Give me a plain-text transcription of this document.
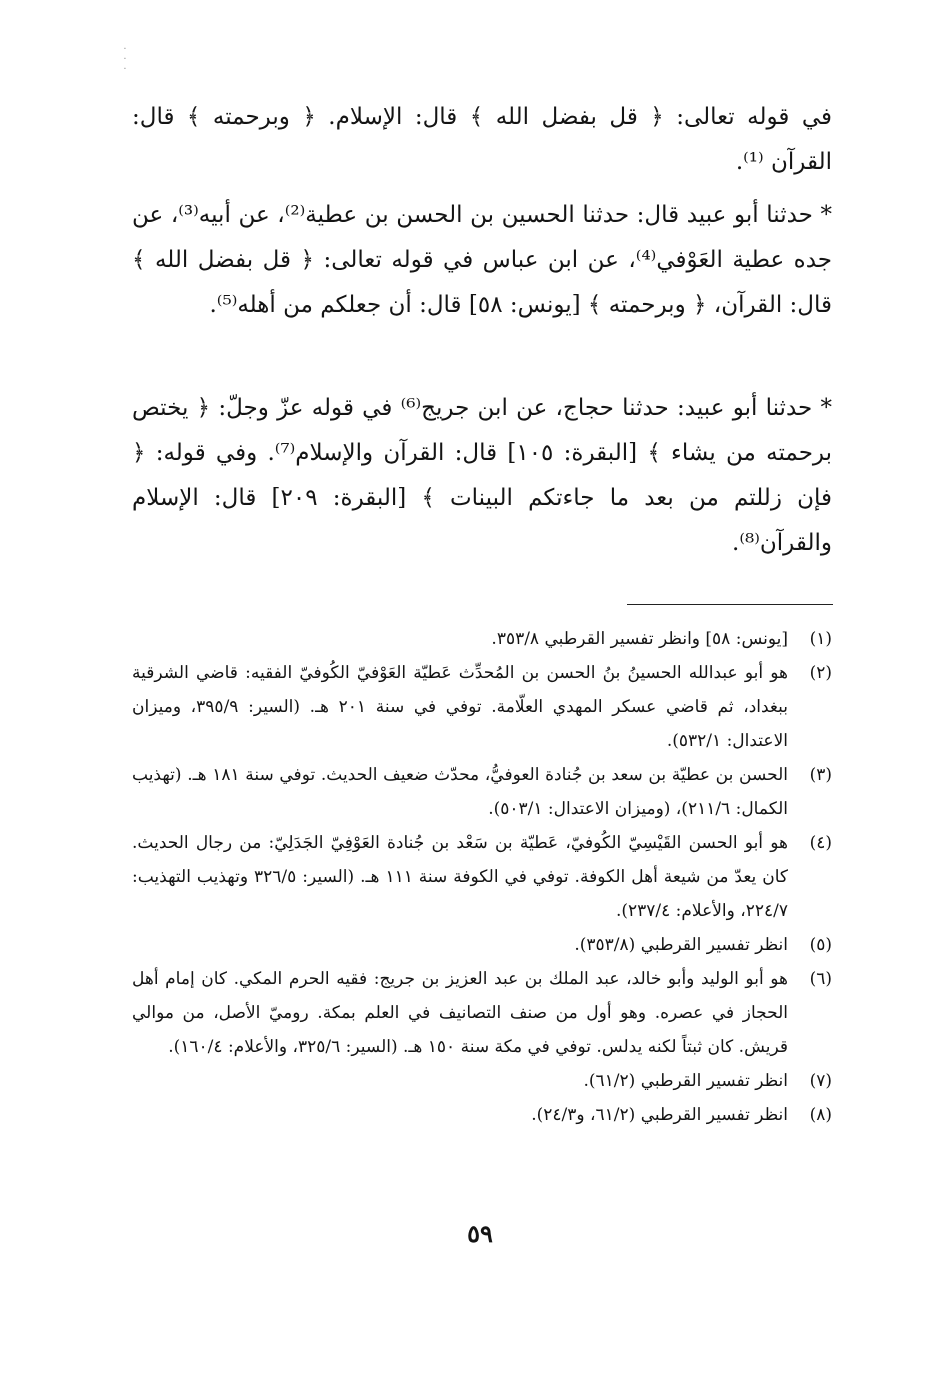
·
·
·

في قوله تعالى: ﴿ قل بفضل الله ﴾ قال: الإسلام. ﴿ وبرحمته ﴾ قال: القرآن ⁽¹⁾.

* حدثنا أبو عبيد قال: حدثنا الحسين بن الحسن بن عطية⁽²⁾، عن أبيه⁽³⁾، عن جده عطية العَوْفي⁽⁴⁾، عن ابن عباس في قوله تعالى: ﴿ قل بفضل الله ﴾ قال: القرآن، ﴿ وبرحمته ﴾ [يونس: ٥٨] قال: أن جعلكم من أهله⁽⁵⁾.

* حدثنا أبو عبيد: حدثنا حجاج، عن ابن جريج⁽⁶⁾ في قوله عزّ وجلّ: ﴿ يختص برحمته من يشاء ﴾ [البقرة: ١٠٥] قال: القرآن والإسلام⁽⁷⁾. وفي قوله: ﴿ فإن زللتم من بعد ما جاءتكم البينات ﴾ [البقرة: ٢٠٩] قال: الإسلام والقرآن⁽⁸⁾.

(١)
[يونس: ٥٨] وانظر تفسير القرطبي ٣٥٣/٨.

(٢)
هو أبو عبدالله الحسينُ بنُ الحسن بن المُحدِّث عَطيّة العَوْفيّ الكُوفيّ الفقيه: قاضي الشرقية ببغداد، ثم قاضي عسكر المهدي العلّامة. توفي في سنة ٢٠١ هـ. (السير: ٣٩٥/٩، وميزان الاعتدال: ٥٣٢/١).

(٣)
الحسن بن عطيّة بن سعد بن جُنادة العوفيُّ، محدّث ضعيف الحديث. توفي سنة ١٨١ هـ. (تهذيب الكمال: ٢١١/٦)، (وميزان الاعتدال: ٥٠٣/١).

(٤)
هو أبو الحسن القَيْسِيّ الكُوفيّ، عَطيّة بن سَعْد بن جُنادة العَوْفِيّ الجَدَلِيّ: من رجال الحديث. كان يعدّ من شيعة أهل الكوفة. توفي في الكوفة سنة ١١١ هـ. (السير: ٣٢٦/٥ وتهذيب التهذيب: ٢٢٤/٧، والأعلام: ٢٣٧/٤).

(٥)
انظر تفسير القرطبي (٣٥٣/٨).

(٦)
هو أبو الوليد وأبو خالد، عبد الملك بن عبد العزيز بن جريج: فقيه الحرم المكي. كان إمام أهل الحجاز في عصره. وهو أول من صنف التصانيف في العلم بمكة. روميّ الأصل، من موالي قريش. كان ثبتاً لكنه يدلس. توفي في مكة سنة ١٥٠ هـ. (السير: ٣٢٥/٦، والأعلام: ١٦٠/٤).

(٧)
انظر تفسير القرطبي (٦١/٢).

(٨)
انظر تفسير القرطبي (٦١/٢، و٢٤/٣).

٥٩
